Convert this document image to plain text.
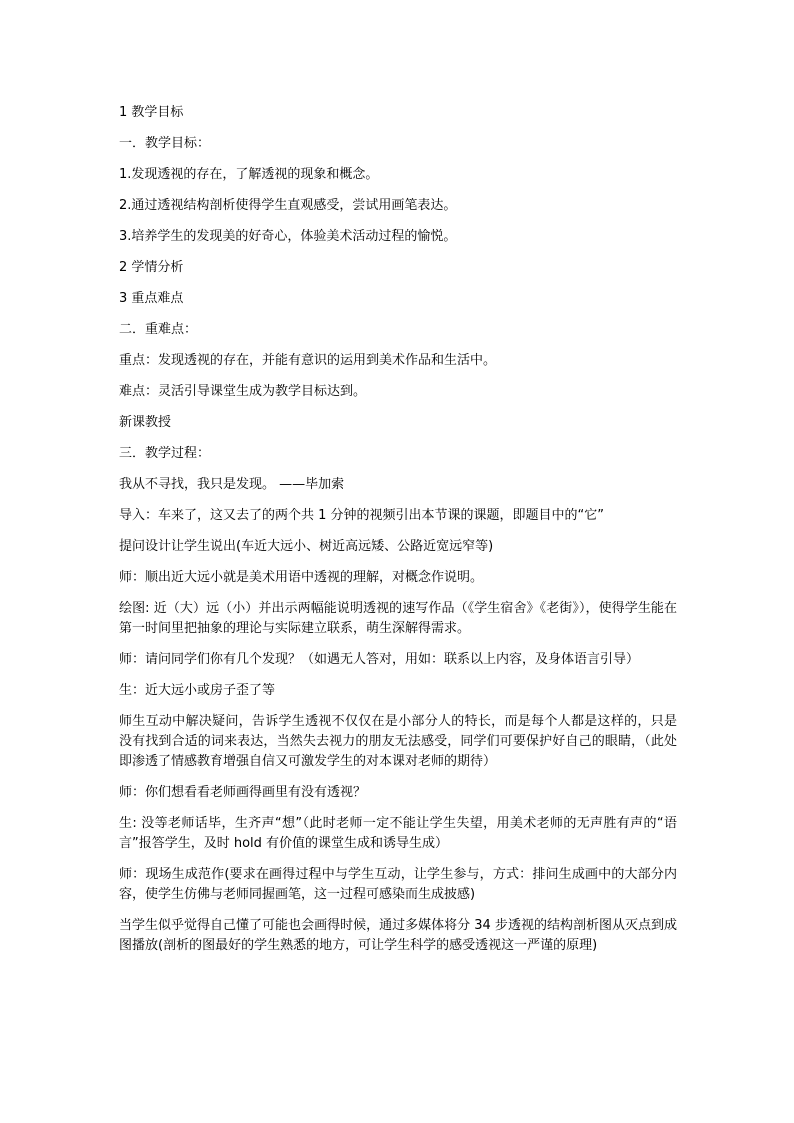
1 教学目标

一．教学目标：

1.发现透视的存在，了解透视的现象和概念。

2.通过透视结构剖析使得学生直观感受，尝试用画笔表达。

3.培养学生的发现美的好奇心，体验美术活动过程的愉悦。

2 学情分析

3 重点难点

二．重难点：

重点：发现透视的存在，并能有意识的运用到美术作品和生活中。

难点：灵活引导课堂生成为教学目标达到。

新课教授

三．教学过程：

我从不寻找，我只是发现。 ——毕加索

导入：车来了，这又去了的两个共 1 分钟的视频引出本节课的课题，即题目中的“它”

提问设计让学生说出(车近大远小、树近高远矮、公路近宽远窄等)

师：顺出近大远小就是美术用语中透视的理解，对概念作说明。

绘图: 近（大）远（小）并出示两幅能说明透视的速写作品（《学生宿舍》《老街》），使得学生能在第一时间里把抽象的理论与实际建立联系，萌生深解得需求。

师：请问同学们你有几个发现？（如遇无人答对，用如：联系以上内容，及身体语言引导）

生：近大远小或房子歪了等

师生互动中解决疑问，告诉学生透视不仅仅在是小部分人的特长，而是每个人都是这样的，只是没有找到合适的词来表达，当然失去视力的朋友无法感受，同学们可要保护好自己的眼睛，（此处即渗透了情感教育增强自信又可激发学生的对本课对老师的期待）

师：你们想看看老师画得画里有没有透视？

生: 没等老师话毕，生齐声“想”（此时老师一定不能让学生失望，用美术老师的无声胜有声的“语言”报答学生，及时 hold 有价值的课堂生成和诱导生成）

师：现场生成范作(要求在画得过程中与学生互动，让学生参与，方式：排问生成画中的大部分内容，使学生仿佛与老师同握画笔，这一过程可感染而生成披感)

当学生似乎觉得自己懂了可能也会画得时候，通过多媒体将分 34 步透视的结构剖析图从灭点到成图播放(剖析的图最好的学生熟悉的地方，可让学生科学的感受透视这一严谨的原理)
